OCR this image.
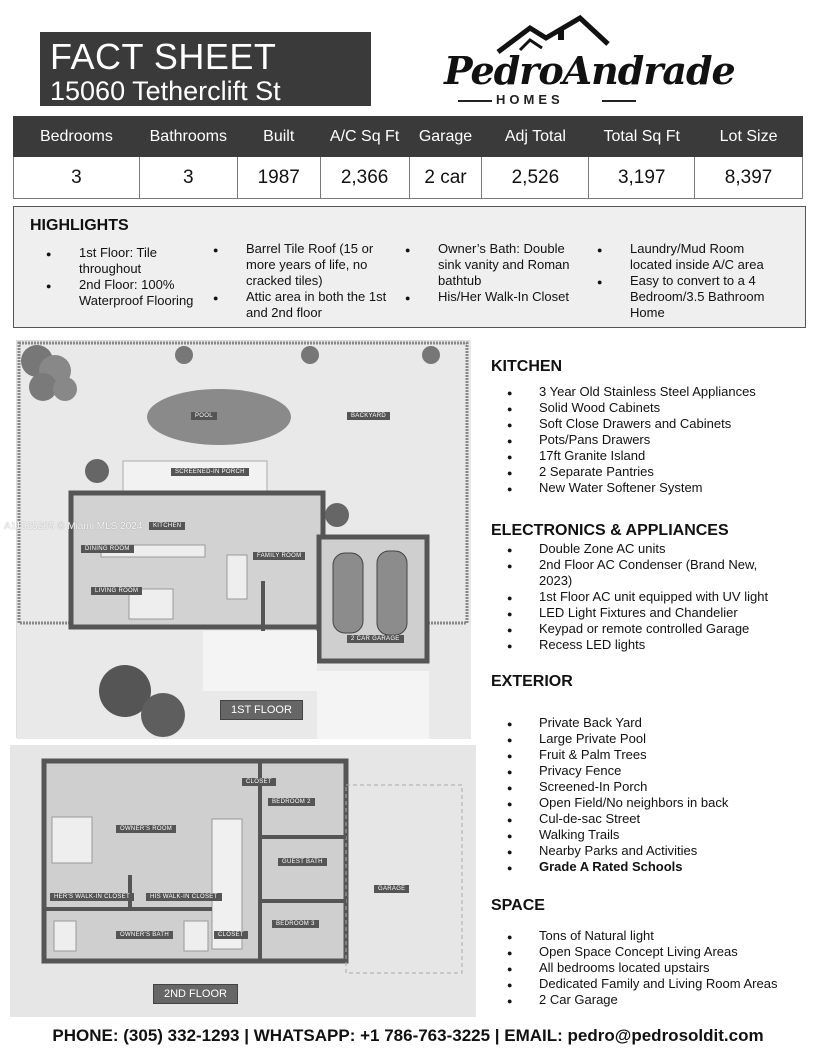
FACT SHEET
15060 Tetherclift St	PedroAndrade
HOMES
Bedrooms	Bathrooms	Built	A/C Sq Ft	Garage	Adj Total	Total Sq Ft	Lot Size
3	3	1987	2,366	2 car	2,526	3,197	8,397
HIGHLIGHTS
● 1st Floor: Tile throughout
● 2nd Floor: 100% Waterproof Flooring
● Barrel Tile Roof (15 or more years of life, no cracked tiles)
● Attic area in both the 1st and 2nd floor
● Owner’s Bath: Double sink vanity and Roman bathtub
● His/Her Walk-In Closet
● Laundry/Mud Room located inside A/C area
● Easy to convert to a 4 Bedroom/3.5 Bathroom Home
POOL	BACKYARD
SCREENED-IN PORCH
KITCHEN
DINING ROOM
FAMILY ROOM
LIVING ROOM
2 CAR GARAGE
1ST FLOOR
A11525205 © Miami MLS 2024
OWNER'S ROOM
CLOSET
BEDROOM 2
GUEST BATH
HER'S WALK-IN CLOSET	HIS WALK-IN CLOSET
OWNER'S BATH	CLOSET
BEDROOM 3
GARAGE
2ND FLOOR
KITCHEN
● 3 Year Old Stainless Steel Appliances
● Solid Wood Cabinets
● Soft Close Drawers and Cabinets
● Pots/Pans Drawers
● 17ft Granite Island
● 2 Separate Pantries
● New Water Softener System
ELECTRONICS & APPLIANCES
● Double Zone AC units
● 2nd Floor AC Condenser (Brand New, 2023)
● 1st Floor AC unit equipped with UV light
● LED Light Fixtures and Chandelier
● Keypad or remote controlled Garage
● Recess LED lights
EXTERIOR
● Private Back Yard
● Large Private Pool
● Fruit & Palm Trees
● Privacy Fence
● Screened-In Porch
● Open Field/No neighbors in back
● Cul-de-sac Street
● Walking Trails
● Nearby Parks and Activities
● Grade A Rated Schools
SPACE
● Tons of Natural light
● Open Space Concept Living Areas
● All bedrooms located upstairs
● Dedicated Family and Living Room Areas
● 2 Car Garage
PHONE: (305) 332-1293 | WHATSAPP: +1 786-763-3225 | EMAIL: pedro@pedrosoldit.com
